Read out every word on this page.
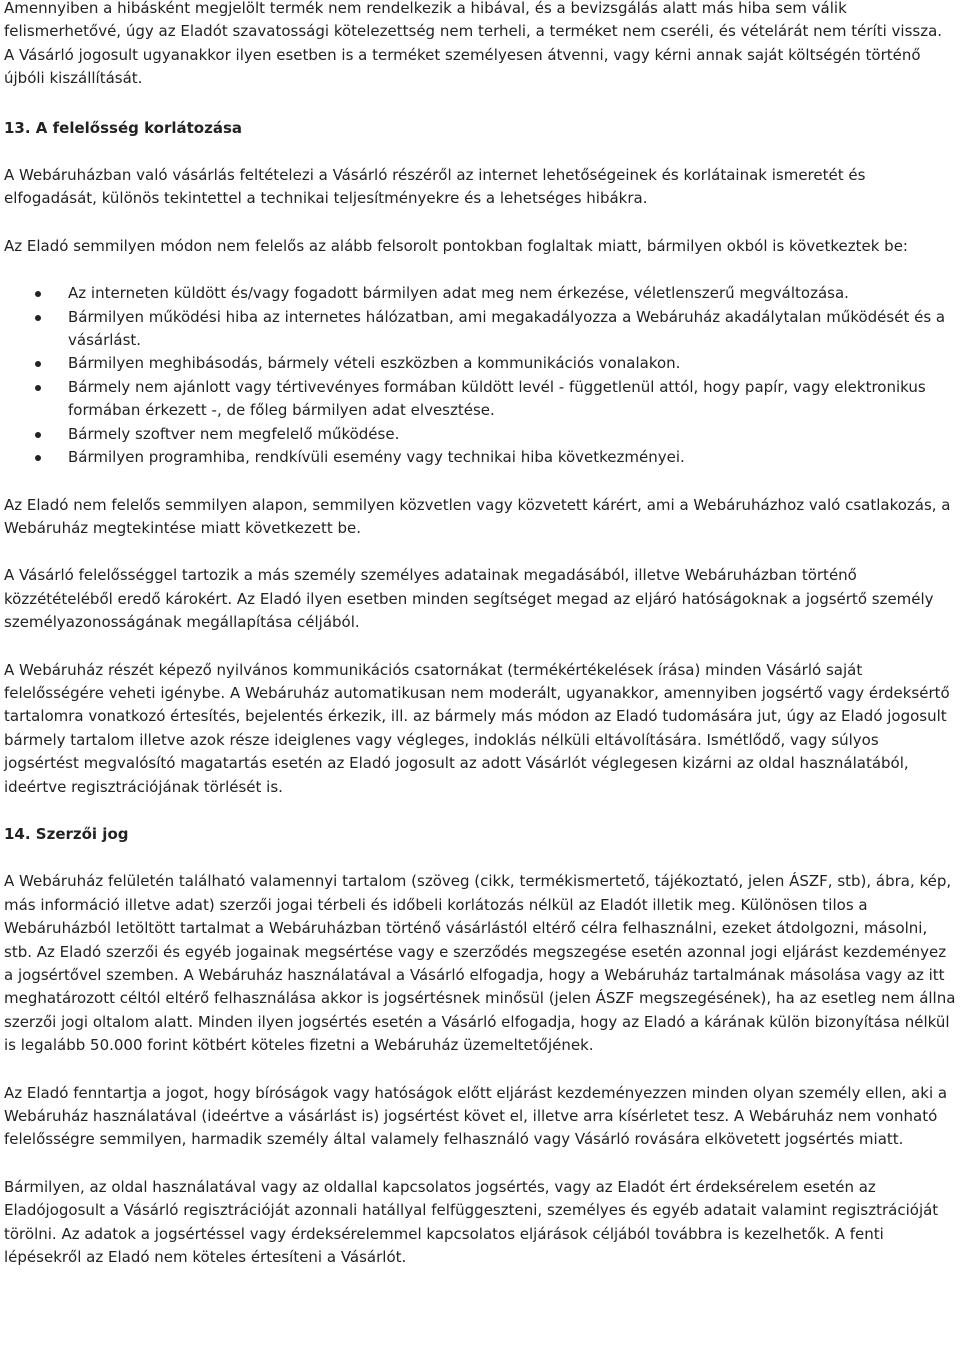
Amennyiben a hibásként megjelölt termék nem rendelkezik a hibával, és a bevizsgálás alatt más hiba sem válik felismerhetővé, úgy az Eladót szavatossági kötelezettség nem terheli, a terméket nem cseréli, és vételárát nem téríti vissza. A Vásárló jogosult ugyanakkor ilyen esetben is a terméket személyesen átvenni, vagy kérni annak saját költségén történő újbóli kiszállítását.

13. A felelősség korlátozása

A Webáruházban való vásárlás feltételezi a Vásárló részéről az internet lehetőségeinek és korlátainak ismeretét és elfogadását, különös tekintettel a technikai teljesítményekre és a lehetséges hibákra.

Az Eladó semmilyen módon nem felelős az alább felsorolt pontokban foglaltak miatt, bármilyen okból is következtek be:

Az interneten küldött és/vagy fogadott bármilyen adat meg nem érkezése, véletlenszerű megváltozása.
Bármilyen működési hiba az internetes hálózatban, ami megakadályozza a Webáruház akadálytalan működését és a vásárlást.
Bármilyen meghibásodás, bármely vételi eszközben a kommunikációs vonalakon.
Bármely nem ajánlott vagy tértivevényes formában küldött levél - függetlenül attól, hogy papír, vagy elektronikus formában érkezett -, de főleg bármilyen adat elvesztése.
Bármely szoftver nem megfelelő működése.
Bármilyen programhiba, rendkívüli esemény vagy technikai hiba következményei.

Az Eladó nem felelős semmilyen alapon, semmilyen közvetlen vagy közvetett kárért, ami a Webáruházhoz való csatlakozás, a Webáruház megtekintése miatt következett be.

A Vásárló felelősséggel tartozik a más személy személyes adatainak megadásából, illetve Webáruházban történő közzétételéből eredő károkért. Az Eladó ilyen esetben minden segítséget megad az eljáró hatóságoknak a jogsértő személy személyazonosságának megállapítása céljából.

A Webáruház részét képező nyilvános kommunikációs csatornákat (termékértékelések írása) minden Vásárló saját felelősségére veheti igénybe. A Webáruház automatikusan nem moderált, ugyanakkor, amennyiben jogsértő vagy érdeksértő tartalomra vonatkozó értesítés, bejelentés érkezik, ill. az bármely más módon az Eladó tudomására jut, úgy az Eladó jogosult bármely tartalom illetve azok része ideiglenes vagy végleges, indoklás nélküli eltávolítására. Ismétlődő, vagy súlyos jogsértést megvalósító magatartás esetén az Eladó jogosult az adott Vásárlót véglegesen kizárni az oldal használatából, ideértve regisztrációjának törlését is.

14. Szerzői jog

A Webáruház felületén található valamennyi tartalom (szöveg (cikk, termékismertető, tájékoztató, jelen ÁSZF, stb), ábra, kép, más információ illetve adat) szerzői jogai térbeli és időbeli korlátozás nélkül az Eladót illetik meg. Különösen tilos a Webáruházból letöltött tartalmat a Webáruházban történő vásárlástól eltérő célra felhasználni, ezeket átdolgozni, másolni, stb. Az Eladó szerzői és egyéb jogainak megsértése vagy e szerződés megszegése esetén azonnal jogi eljárást kezdeményez a jogsértővel szemben. A Webáruház használatával a Vásárló elfogadja, hogy a Webáruház tartalmának másolása vagy az itt meghatározott céltól eltérő felhasználása akkor is jogsértésnek minősül (jelen ÁSZF megszegésének), ha az esetleg nem állna szerzői jogi oltalom alatt. Minden ilyen jogsértés esetén a Vásárló elfogadja, hogy az Eladó a kárának külön bizonyítása nélkül is legalább 50.000 forint kötbért köteles fizetni a Webáruház üzemeltetőjének.

Az Eladó fenntartja a jogot, hogy bíróságok vagy hatóságok előtt eljárást kezdeményezzen minden olyan személy ellen, aki a Webáruház használatával (ideértve a vásárlást is) jogsértést követ el, illetve arra kísérletet tesz. A Webáruház nem vonható felelősségre semmilyen, harmadik személy által valamely felhasználó vagy Vásárló rovására elkövetett jogsértés miatt.

Bármilyen, az oldal használatával vagy az oldallal kapcsolatos jogsértés, vagy az Eladót ért érdeksérelem esetén az Eladójogosult a Vásárló regisztrációját azonnali hatállyal felfüggeszteni, személyes és egyéb adatait valamint regisztrációját törölni. Az adatok a jogsértéssel vagy érdeksérelemmel kapcsolatos eljárások céljából továbbra is kezelhetők. A fenti lépésekről az Eladó nem köteles értesíteni a Vásárlót.
